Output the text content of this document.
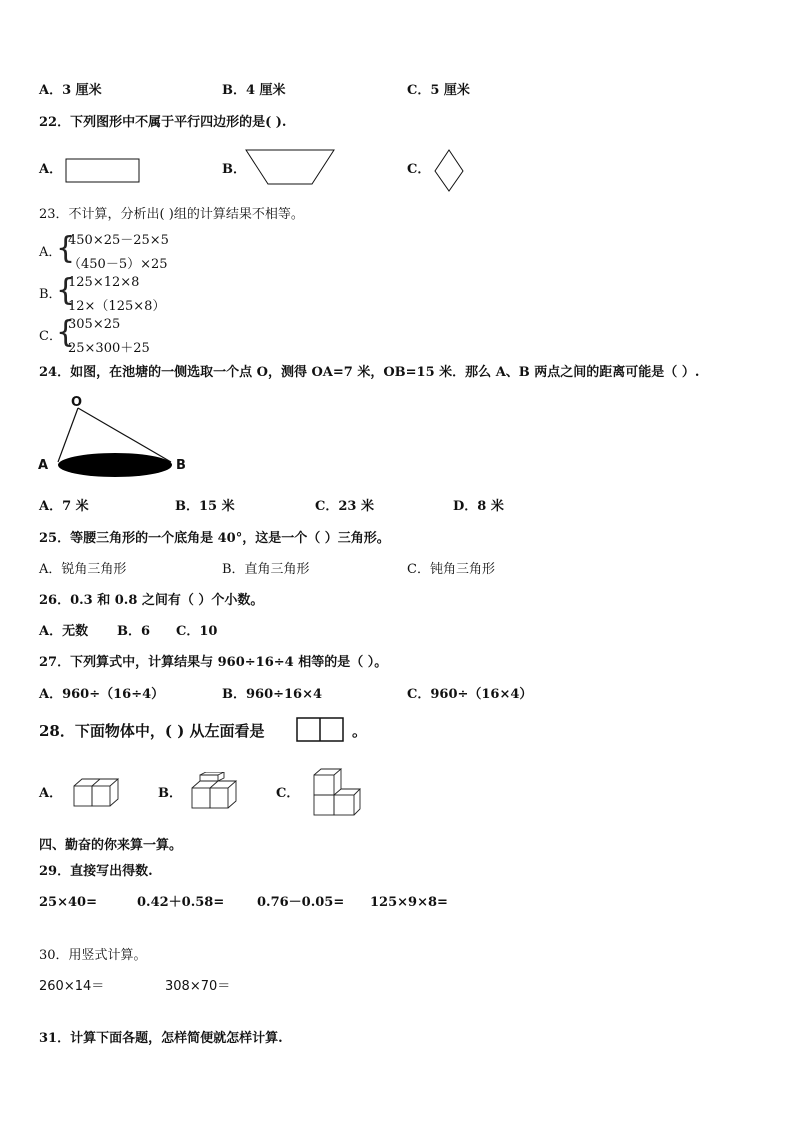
A．3 厘米	B．4 厘米	C．5 厘米
22．下列图形中不属于平行四边形的是( ).
A．	B．	C．
23．不计算，分析出( )组的计算结果不相等。
A．
{
450×25－25×5
（450－5）×25
B．
{
125×12×8
12×（125×8）
C．
{
305×25
25×300＋25
24．如图，在池塘的一侧选取一个点 O，测得 OA=7 米，OB=15 米．那么 A、B 两点之间的距离可能是（ ）.
O
A	B
A．7 米	B．15 米	C．23 米	D．8 米
25．等腰三角形的一个底角是 40°，这是一个（ ）三角形。
A．锐角三角形	B．直角三角形	C．钝角三角形
26．0.3 和 0.8 之间有（ ）个小数。
A．无数 B．6 C．10
27．下列算式中，计算结果与 960÷16÷4 相等的是（ ）。
A．960÷（16÷4）	B．960÷16×4	C．960÷（16×4）
28．下面物体中，( ) 从左面看是	。
A．	B．	C．
四、勤奋的你来算一算。
29．直接写出得数.
25×40=	0.42＋0.58=	0.76－0.05= 125×9×8=
30．用竖式计算。
260×14＝	308×70＝
31．计算下面各题，怎样简便就怎样计算.
